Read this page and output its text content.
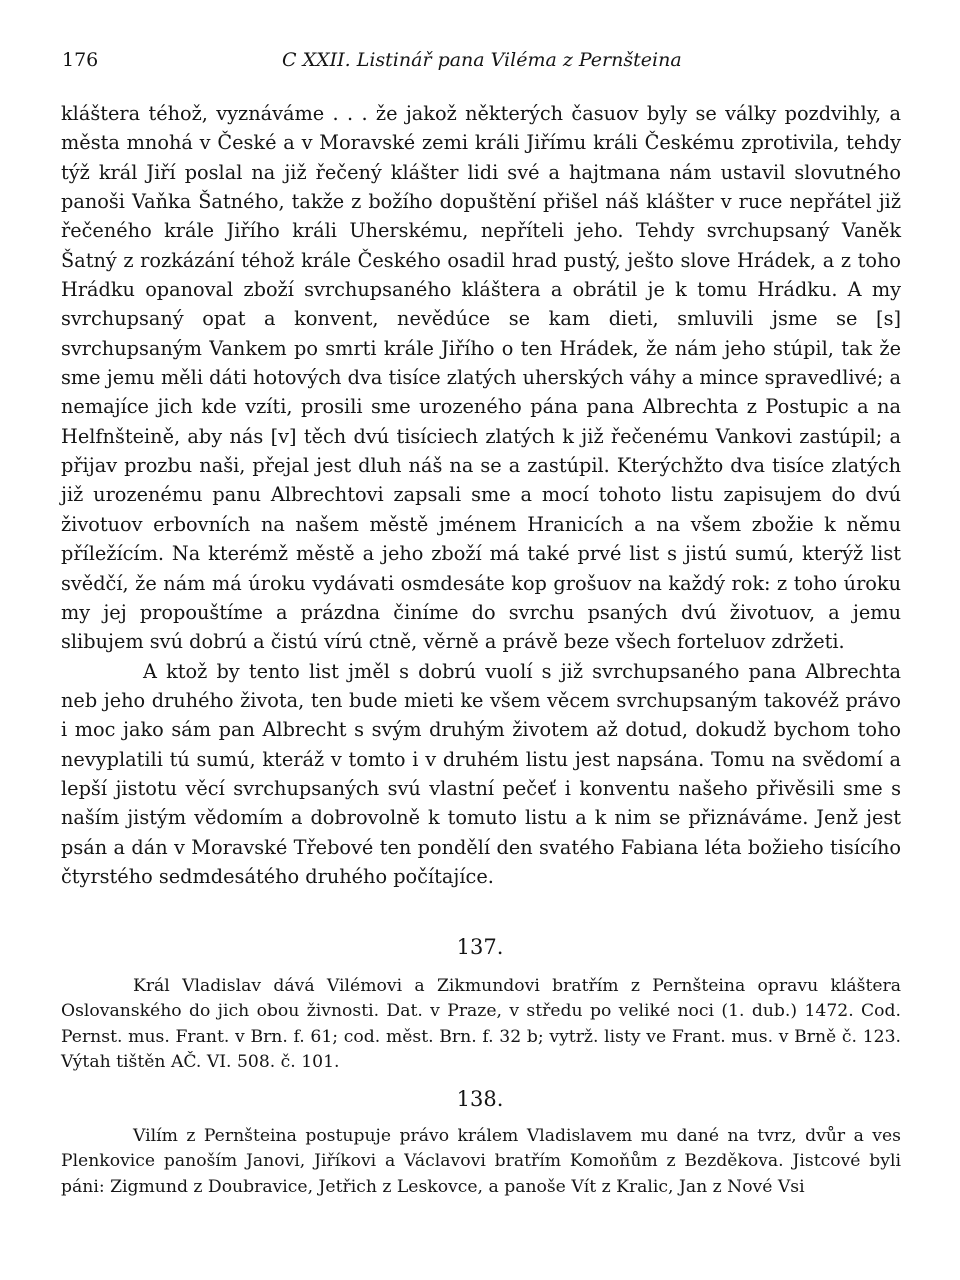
176	C XXII. Listinář pana Viléma z Pernšteina

kláštera téhož, vyznáváme . . . že jakož některých časuov byly se války pozdvihly, a města mnohá v České a v Moravské zemi králi Jiřímu králi Českému zprotivila, tehdy týž král Jiří poslal na již řečený klášter lidi své a hajtmana nám ustavil slovutného panoši Vaňka Šatného, takže z božího dopuštění přišel náš klášter v ruce nepřátel již řečeného krále Jiřího králi Uherskému, nepříteli jeho. Tehdy svrchupsaný Vaněk Šatný z rozkázání téhož krále Českého osadil hrad pustý, ješto slove Hrádek, a z toho Hrádku opanoval zboží svrchupsaného kláštera a obrátil je k tomu Hrádku. A my svrchupsaný opat a konvent, nevědúce se kam dieti, smluvili jsme se [s] svrchupsaným Vankem po smrti krále Jiřího o ten Hrádek, že nám jeho stúpil, tak že sme jemu měli dáti hotových dva tisíce zlatých uherských váhy a mince spravedlivé; a nemajíce jich kde vzíti, prosili sme urozeného pána pana Albrechta z Postupic a na Helfnšteině, aby nás [v] těch dvú tisíciech zlatých k již řečenému Vankovi zastúpil; a přijav prozbu naši, přejal jest dluh náš na se a zastúpil. Kterýchžto dva tisíce zlatých již urozenému panu Albrechtovi zapsali sme a mocí tohoto listu zapisujem do dvú životuov erbovních na našem městě jménem Hranicích a na všem zbožie k němu příležícím. Na kterémž městě a jeho zboží má také prvé list s jistú sumú, kterýž list svědčí, že nám má úroku vydávati osmdesáte kop grošuov na každý rok: z toho úroku my jej propouštíme a prázdna činíme do svrchu psaných dvú životuov, a jemu slibujem svú dobrú a čistú vírú ctně, věrně a právě beze všech forteluov zdržeti.

A ktož by tento list jměl s dobrú vuolí s již svrchupsaného pana Albrechta neb jeho druhého života, ten bude mieti ke všem věcem svrchupsaným takovéž právo i moc jako sám pan Albrecht s svým druhým životem až dotud, dokudž bychom toho nevyplatili tú sumú, kteráž v tomto i v druhém listu jest napsána. Tomu na svědomí a lepší jistotu věcí svrchupsaných svú vlastní pečeť i konventu našeho přivěsili sme s naším jistým vědomím a dobrovolně k tomuto listu a k nim se přiznáváme. Jenž jest psán a dán v Moravské Třebové ten pondělí den svatého Fabiana léta božieho tisícího čtyrstého sedmdesátého druhého počítajíce.

137.

Král Vladislav dává Vilémovi a Zikmundovi bratřím z Pernšteina opravu kláštera Oslovanského do jich obou živnosti. Dat. v Praze, v středu po veliké noci (1. dub.) 1472. Cod. Pernst. mus. Frant. v Brn. f. 61; cod. měst. Brn. f. 32 b; vytrž. listy ve Frant. mus. v Brně č. 123. Výtah tištěn AČ. VI. 508. č. 101.

138.

Vilím z Pernšteina postupuje právo králem Vladislavem mu dané na tvrz, dvůr a ves Plenkovice panoším Janovi, Jiříkovi a Václavovi bratřím Komoňům z Bezděkova. Jistcové byli páni: Zigmund z Doubravice, Jetřich z Leskovce, a panoše Vít z Kralic, Jan z Nové Vsi
